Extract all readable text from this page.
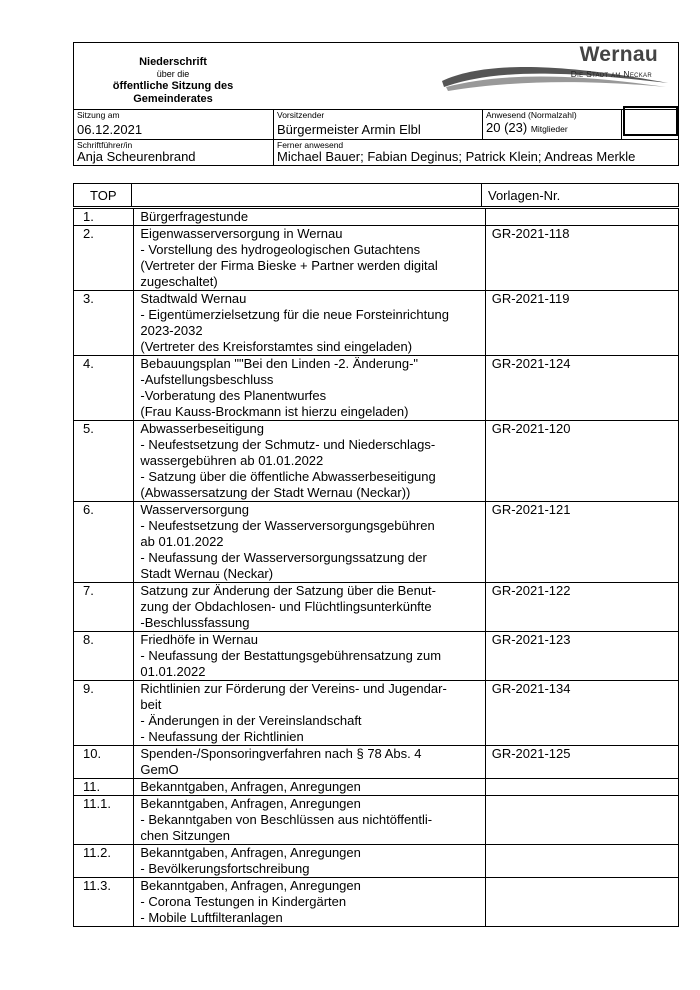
Niederschrift
über die
öffentliche Sitzung des
Gemeinderates
Wernau
Die Stadt am Neckar
Sitzung am
06.12.2021
Vorsitzender
Bürgermeister Armin Elbl
Anwesend (Normalzahl)
20 (23) Mitglieder
Schriftführer/in
Anja Scheurenbrand
Ferner anwesend
Michael Bauer; Fabian Deginus; Patrick Klein; Andreas Merkle
TOP	Vorlagen-Nr.
1.	Bürgerfragestunde	

2.	Eigenwasserversorgung in Wernau
- Vorstellung des hydrogeologischen Gutachtens
(Vertreter der Firma Bieske + Partner werden digital
zugeschaltet)	GR-2021-118
3.	Stadtwald Wernau
- Eigentümerzielsetzung für die neue Forsteinrichtung
2023-2032
(Vertreter des Kreisforstamtes sind eingeladen)	GR-2021-119
4.	Bebauungsplan ""Bei den Linden -2. Änderung-"
-Aufstellungsbeschluss
-Vorberatung des Planentwurfes
(Frau Kauss-Brockmann ist hierzu eingeladen)	GR-2021-124
5.	Abwasserbeseitigung
- Neufestsetzung der Schmutz- und Niederschlags-
wassergebühren ab 01.01.2022
- Satzung über die öffentliche Abwasserbeseitigung
(Abwassersatzung der Stadt Wernau (Neckar))	GR-2021-120
6.	Wasserversorgung
- Neufestsetzung der Wasserversorgungsgebühren
ab 01.01.2022
- Neufassung der Wasserversorgungssatzung der
Stadt Wernau (Neckar)	GR-2021-121
7.	Satzung zur Änderung der Satzung über die Benut-
zung der Obdachlosen- und Flüchtlingsunterkünfte
-Beschlussfassung	GR-2021-122
8.	Friedhöfe in Wernau
- Neufassung der Bestattungsgebührensatzung zum
01.01.2022	GR-2021-123
9.	Richtlinien zur Förderung der Vereins- und Jugendar-
beit
- Änderungen in der Vereinslandschaft
- Neufassung der Richtlinien	GR-2021-134
10.	Spenden-/Sponsoringverfahren nach § 78 Abs. 4
GemO	GR-2021-125
11.	Bekanntgaben, Anfragen, Anregungen	

11.1.	Bekanntgaben, Anfragen, Anregungen
- Bekanntgaben von Beschlüssen aus nichtöffentli-
chen Sitzungen	

11.2.	Bekanntgaben, Anfragen, Anregungen
- Bevölkerungsfortschreibung	

11.3.	Bekanntgaben, Anfragen, Anregungen
- Corona Testungen in Kindergärten
- Mobile Luftfilteranlagen	
